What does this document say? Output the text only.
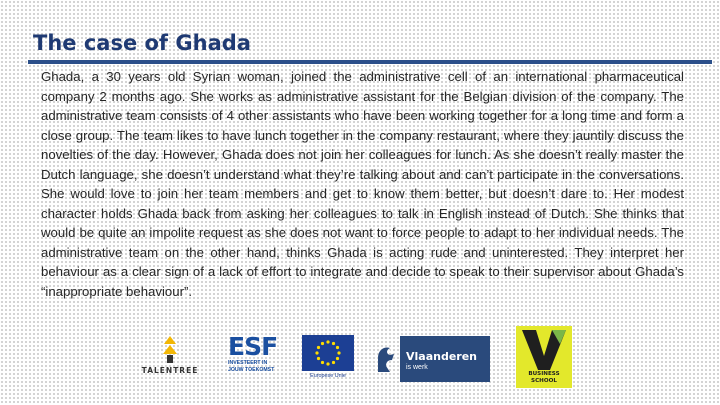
The case of Ghada

Ghada, a 30 years old Syrian woman, joined the administrative cell of an international pharmaceutical company 2 months ago. She works as administrative assistant for the Belgian division of the company. The administrative team consists of 4 other assistants who have been working together for a long time and form a close group. The team likes to have lunch together in the company restaurant, where they jauntily discuss the novelties of the day. However, Ghada does not join her colleagues for lunch. As she doesn’t really master the Dutch language, she doesn’t understand what they’re talking about and can’t participate in the conversations. She would love to join her team members and get to know them better, but doesn’t dare to. Her modest character holds Ghada back from asking her colleagues to talk in English instead of Dutch. She thinks that would be quite an impolite request as she does not want to force people to adapt to her individual needs. The administrative team on the other hand, thinks Ghada is acting rude and uninterested. They interpret her behaviour as a clear sign of a lack of effort to integrate and decide to speak to their supervisor about Ghada’s “inappropriate behaviour”.

TALENTREE
ESF
INVESTEERT IN
JOUW TOEKOMST
Europese Unie
Vlaanderen
is werk
BUSINESS
SCHOOL
